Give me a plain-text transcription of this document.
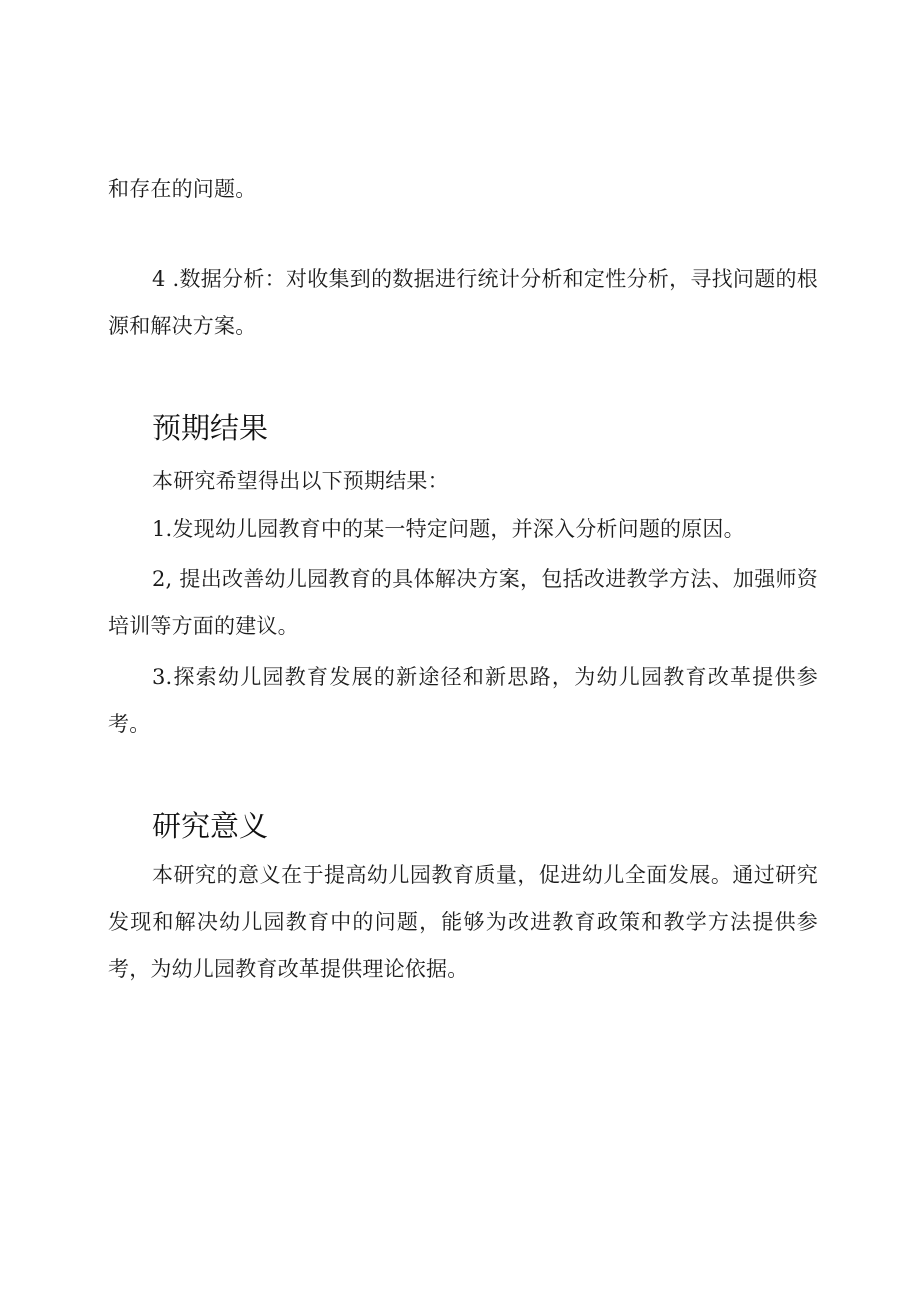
和存在的问题。

4 .数据分析：对收集到的数据进行统计分析和定性分析，寻找问题的根源和解决方案。

预期结果

本研究希望得出以下预期结果：

1.发现幼儿园教育中的某一特定问题，并深入分析问题的原因。

2, 提出改善幼儿园教育的具体解决方案，包括改进教学方法、加强师资培训等方面的建议。

3.探索幼儿园教育发展的新途径和新思路，为幼儿园教育改革提供参考。

研究意义

本研究的意义在于提高幼儿园教育质量，促进幼儿全面发展。通过研究发现和解决幼儿园教育中的问题，能够为改进教育政策和教学方法提供参考，为幼儿园教育改革提供理论依据。
